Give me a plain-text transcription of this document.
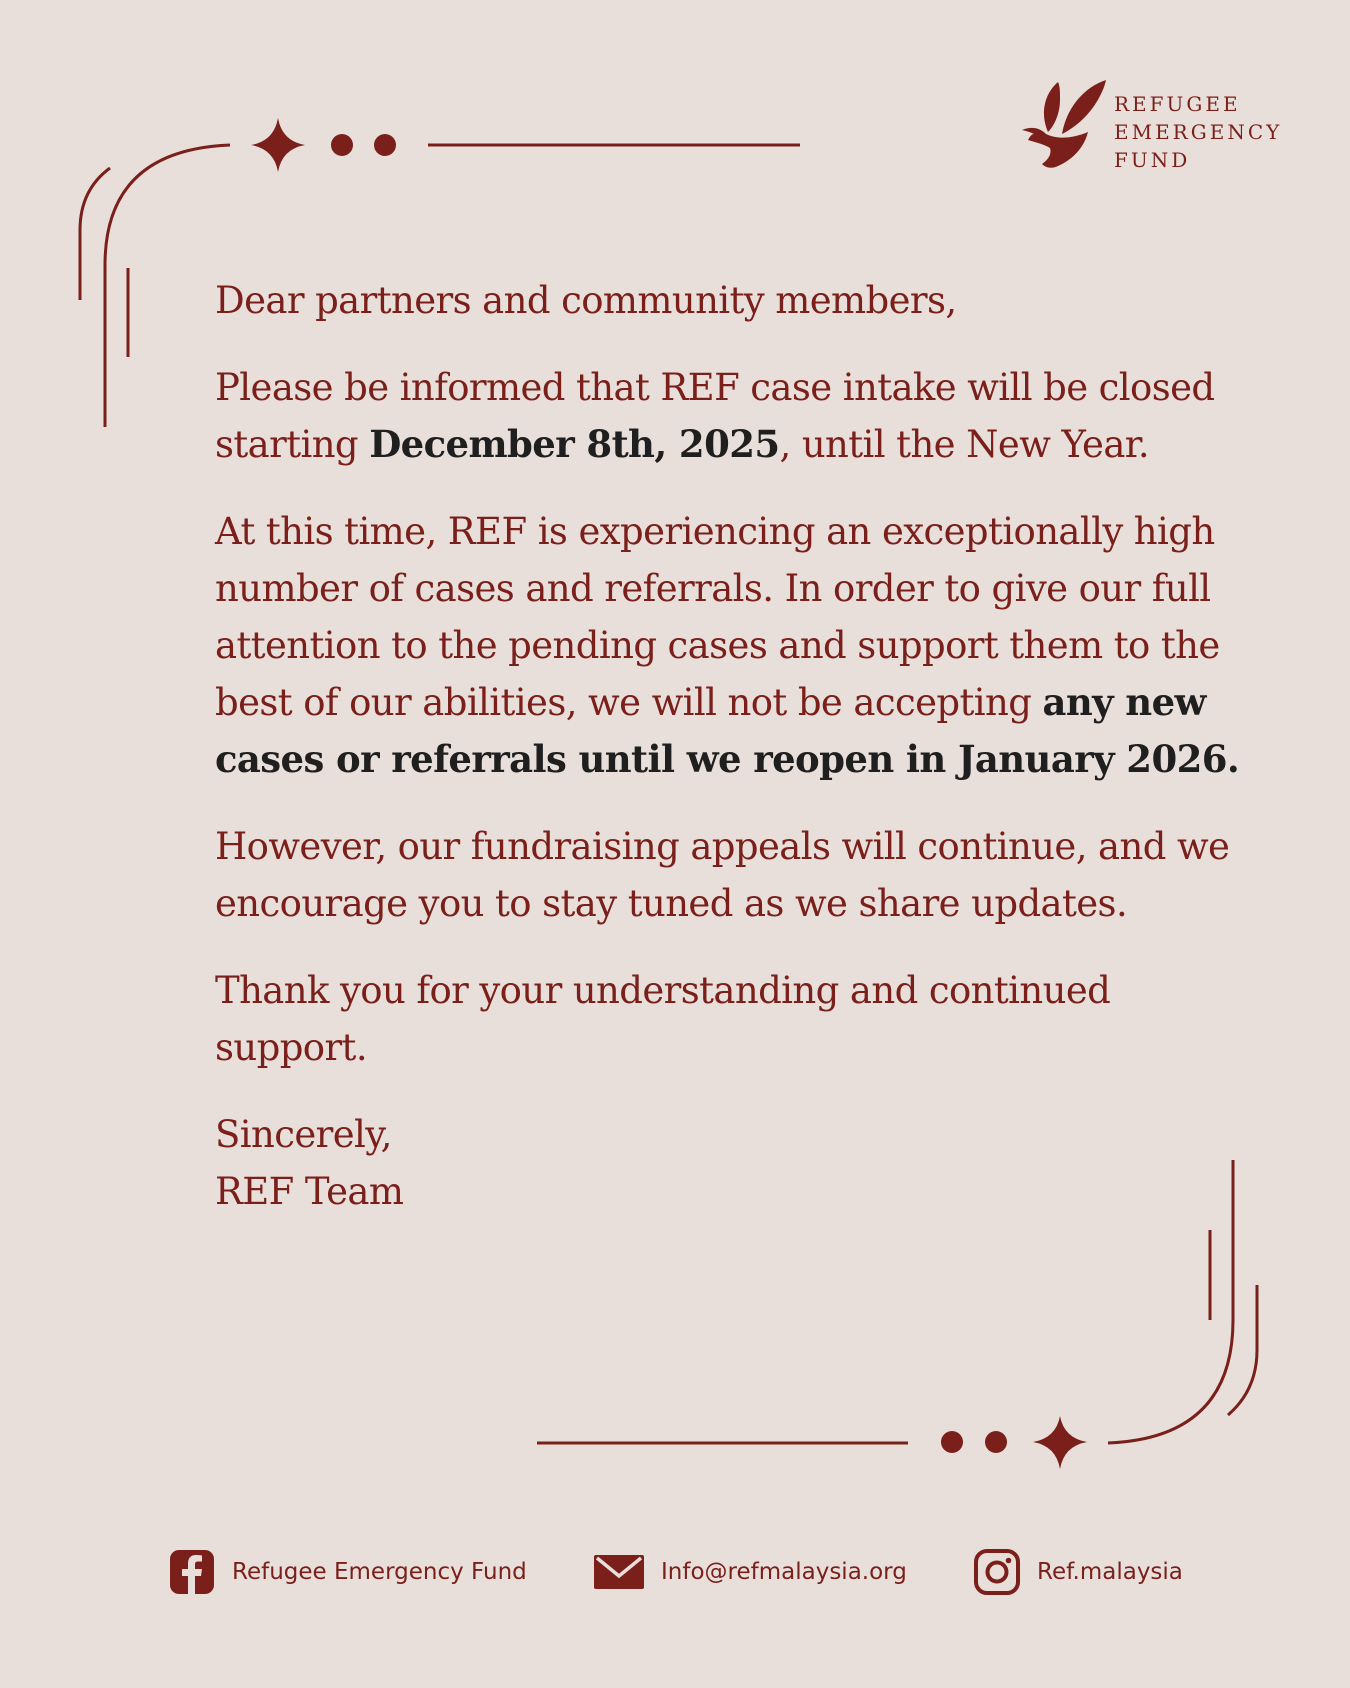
REFUGEE
EMERGENCY
FUND

Dear partners and community members,

Please be informed that REF case intake will be closed starting December 8th, 2025, until the New Year.

At this time, REF is experiencing an exceptionally high number of cases and referrals. In order to give our full attention to the pending cases and support them to the best of our abilities, we will not be accepting any new cases or referrals until we reopen in January 2026.

However, our fundraising appeals will continue, and we encourage you to stay tuned as we share updates.

Thank you for your understanding and continued support.

Sincerely,

REF Team

Refugee Emergency Fund	Info@refmalaysia.org	Ref.malaysia
